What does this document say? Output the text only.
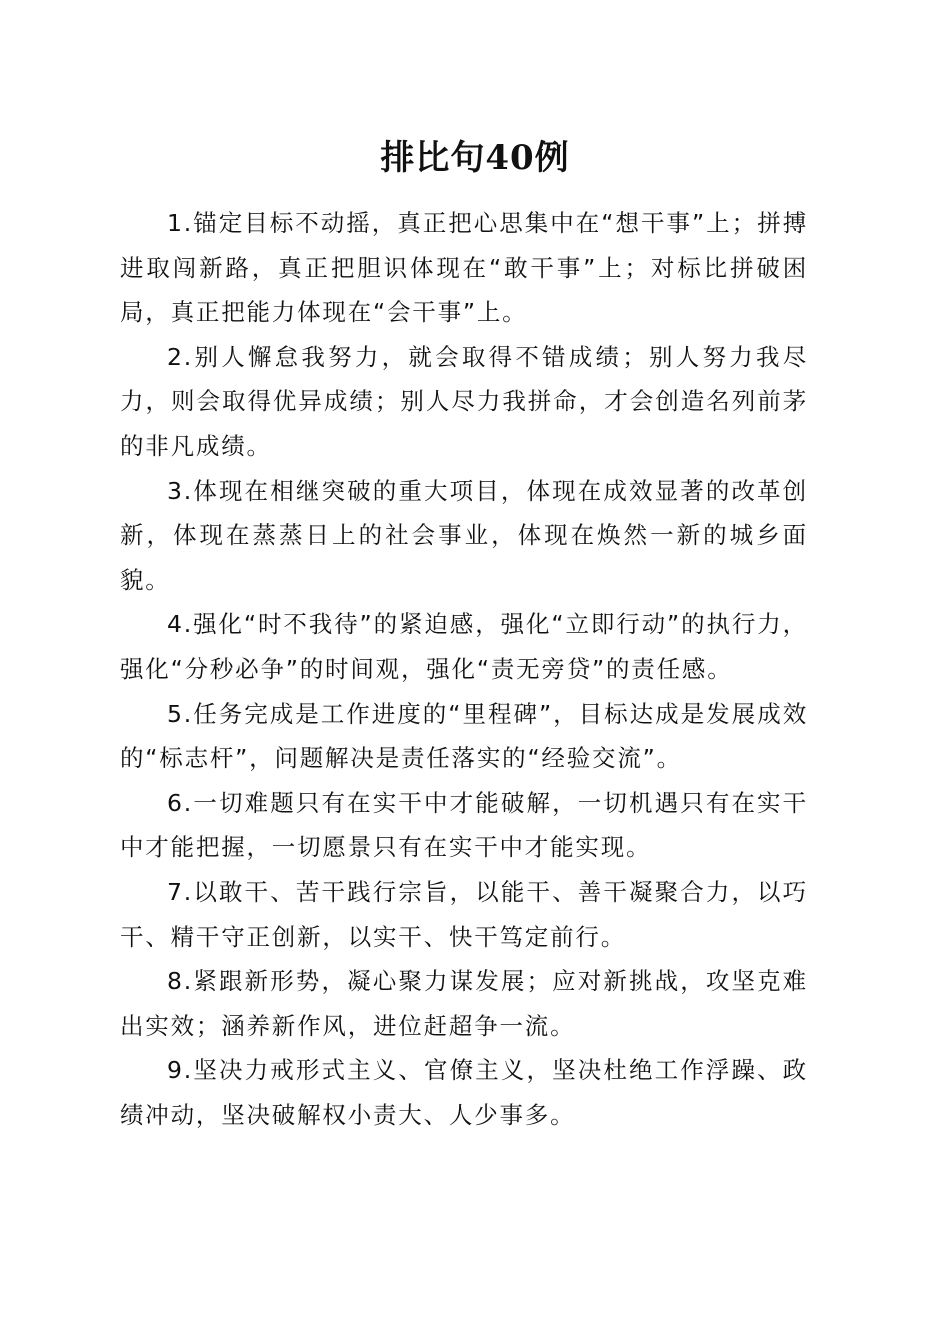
排比句40例
1.锚定目标不动摇，真正把心思集中在“想干事”上；拼搏进取闯新路，真正把胆识体现在“敢干事”上；对标比拼破困局，真正把能力体现在“会干事”上。
2.别人懈怠我努力，就会取得不错成绩；别人努力我尽力，则会取得优异成绩；别人尽力我拼命，才会创造名列前茅的非凡成绩。
3.体现在相继突破的重大项目，体现在成效显著的改革创新，体现在蒸蒸日上的社会事业，体现在焕然一新的城乡面貌。
4.强化“时不我待”的紧迫感，强化“立即行动”的执行力，强化“分秒必争”的时间观，强化“责无旁贷”的责任感。
5.任务完成是工作进度的“里程碑”，目标达成是发展成效的“标志杆”，问题解决是责任落实的“经验交流”。
6.一切难题只有在实干中才能破解，一切机遇只有在实干中才能把握，一切愿景只有在实干中才能实现。
7.以敢干、苦干践行宗旨，以能干、善干凝聚合力，以巧干、精干守正创新，以实干、快干笃定前行。
8.紧跟新形势，凝心聚力谋发展；应对新挑战，攻坚克难出实效；涵养新作风，进位赶超争一流。
9.坚决力戒形式主义、官僚主义，坚决杜绝工作浮躁、政绩冲动，坚决破解权小责大、人少事多。
